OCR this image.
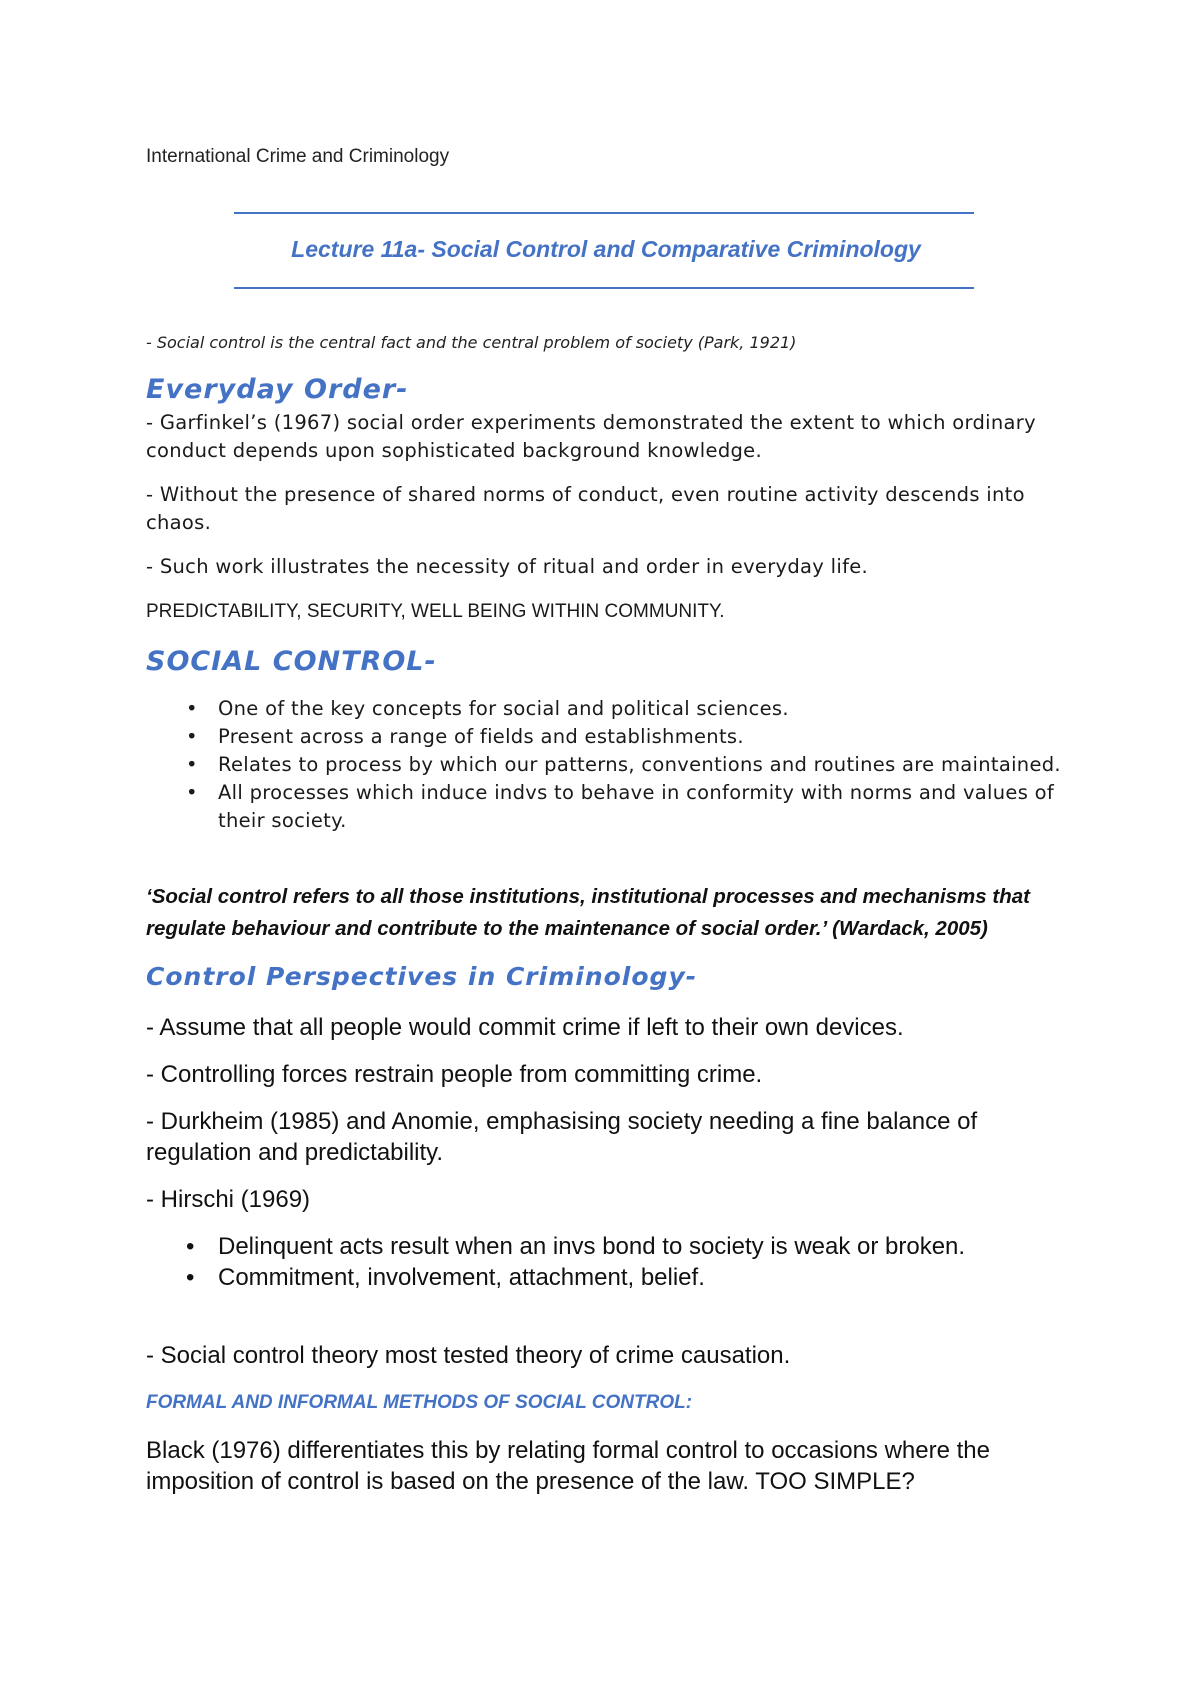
International Crime and Criminology
Lecture 11a- Social Control and Comparative Criminology
- Social control is the central fact and the central problem of society (Park, 1921)
Everyday Order-
- Garfinkel’s (1967) social order experiments demonstrated the extent to which ordinary conduct depends upon sophisticated background knowledge.
- Without the presence of shared norms of conduct, even routine activity descends into chaos.
- Such work illustrates the necessity of ritual and order in everyday life.
PREDICTABILITY, SECURITY, WELL BEING WITHIN COMMUNITY.
SOCIAL CONTROL-
• One of the key concepts for social and political sciences.
• Present across a range of fields and establishments.
• Relates to process by which our patterns, conventions and routines are maintained.
• All processes which induce indvs to behave in conformity with norms and values of their society.
‘Social control refers to all those institutions, institutional processes and mechanisms that regulate behaviour and contribute to the maintenance of social order.’ (Wardack, 2005)
Control Perspectives in Criminology-
- Assume that all people would commit crime if left to their own devices.
- Controlling forces restrain people from committing crime.
- Durkheim (1985) and Anomie, emphasising society needing a fine balance of regulation and predictability.
- Hirschi (1969)
• Delinquent acts result when an invs bond to society is weak or broken.
• Commitment, involvement, attachment, belief.
- Social control theory most tested theory of crime causation.
FORMAL AND INFORMAL METHODS OF SOCIAL CONTROL:
Black (1976) differentiates this by relating formal control to occasions where the imposition of control is based on the presence of the law. TOO SIMPLE?
